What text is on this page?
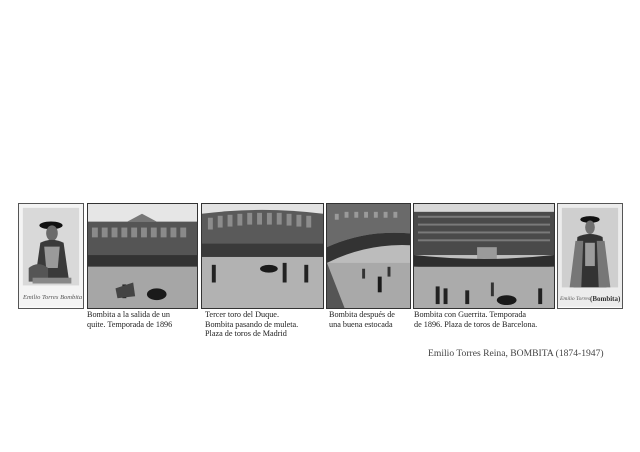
Emilio Torres Bombita
Bombita a la salida de un
quite. Temporada de 1896
Tercer toro del Duque.
Bombita pasando de muleta.
Plaza de toros de Madrid
Bombita después de
una buena estocada
Bombita con Guerrita. Temporada
de 1896. Plaza de toros de Barcelona.
Emilio Torres (Bombita)
Emilio Torres Reina, BOMBITA (1874-1947)
